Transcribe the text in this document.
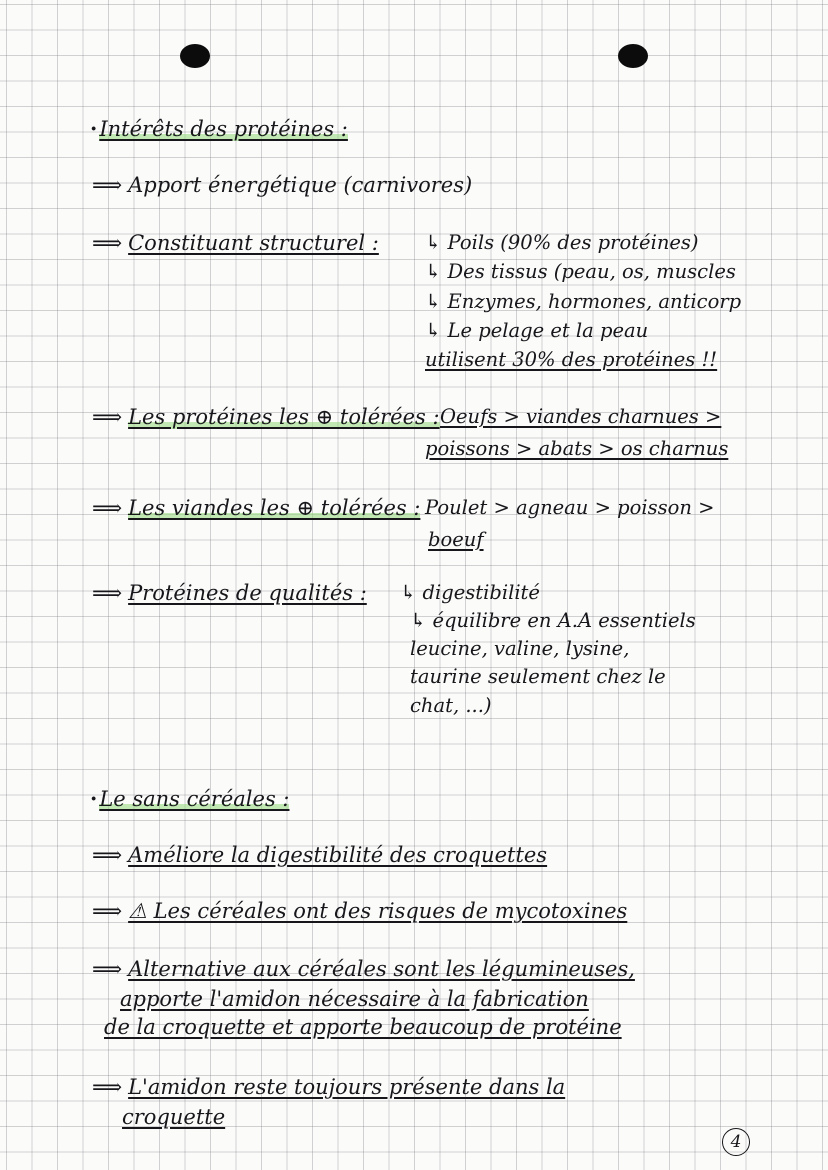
·Intérêts des protéines :
⟹ Apport énergétique (carnivores)
⟹ Constituant structurel : ↳ Poils (90% des protéines)
↳ Des tissus (peau, os, muscles
↳ Enzymes, hormones, anticorp
↳ Le pelage et la peau
utilisent 30% des protéines !!
⟹ Les protéines les ⊕ tolérées : Oeufs > viandes charnues >
poissons > abats > os charnus
⟹ Les viandes les ⊕ tolérées : Poulet > agneau > poisson >
boeuf
⟹ Protéines de qualités : ↳ digestibilité
↳ équilibre en A.A essentiels
leucine, valine, lysine,
taurine seulement chez le
chat, ...)
·Le sans céréales :
⟹ Améliore la digestibilité des croquettes
⟹ ⚠ Les céréales ont des risques de mycotoxines
⟹ Alternative aux céréales sont les légumineuses,
apporte l'amidon nécessaire à la fabrication
de la croquette et apporte beaucoup de protéine
⟹ L'amidon reste toujours présente dans la
croquette
4
